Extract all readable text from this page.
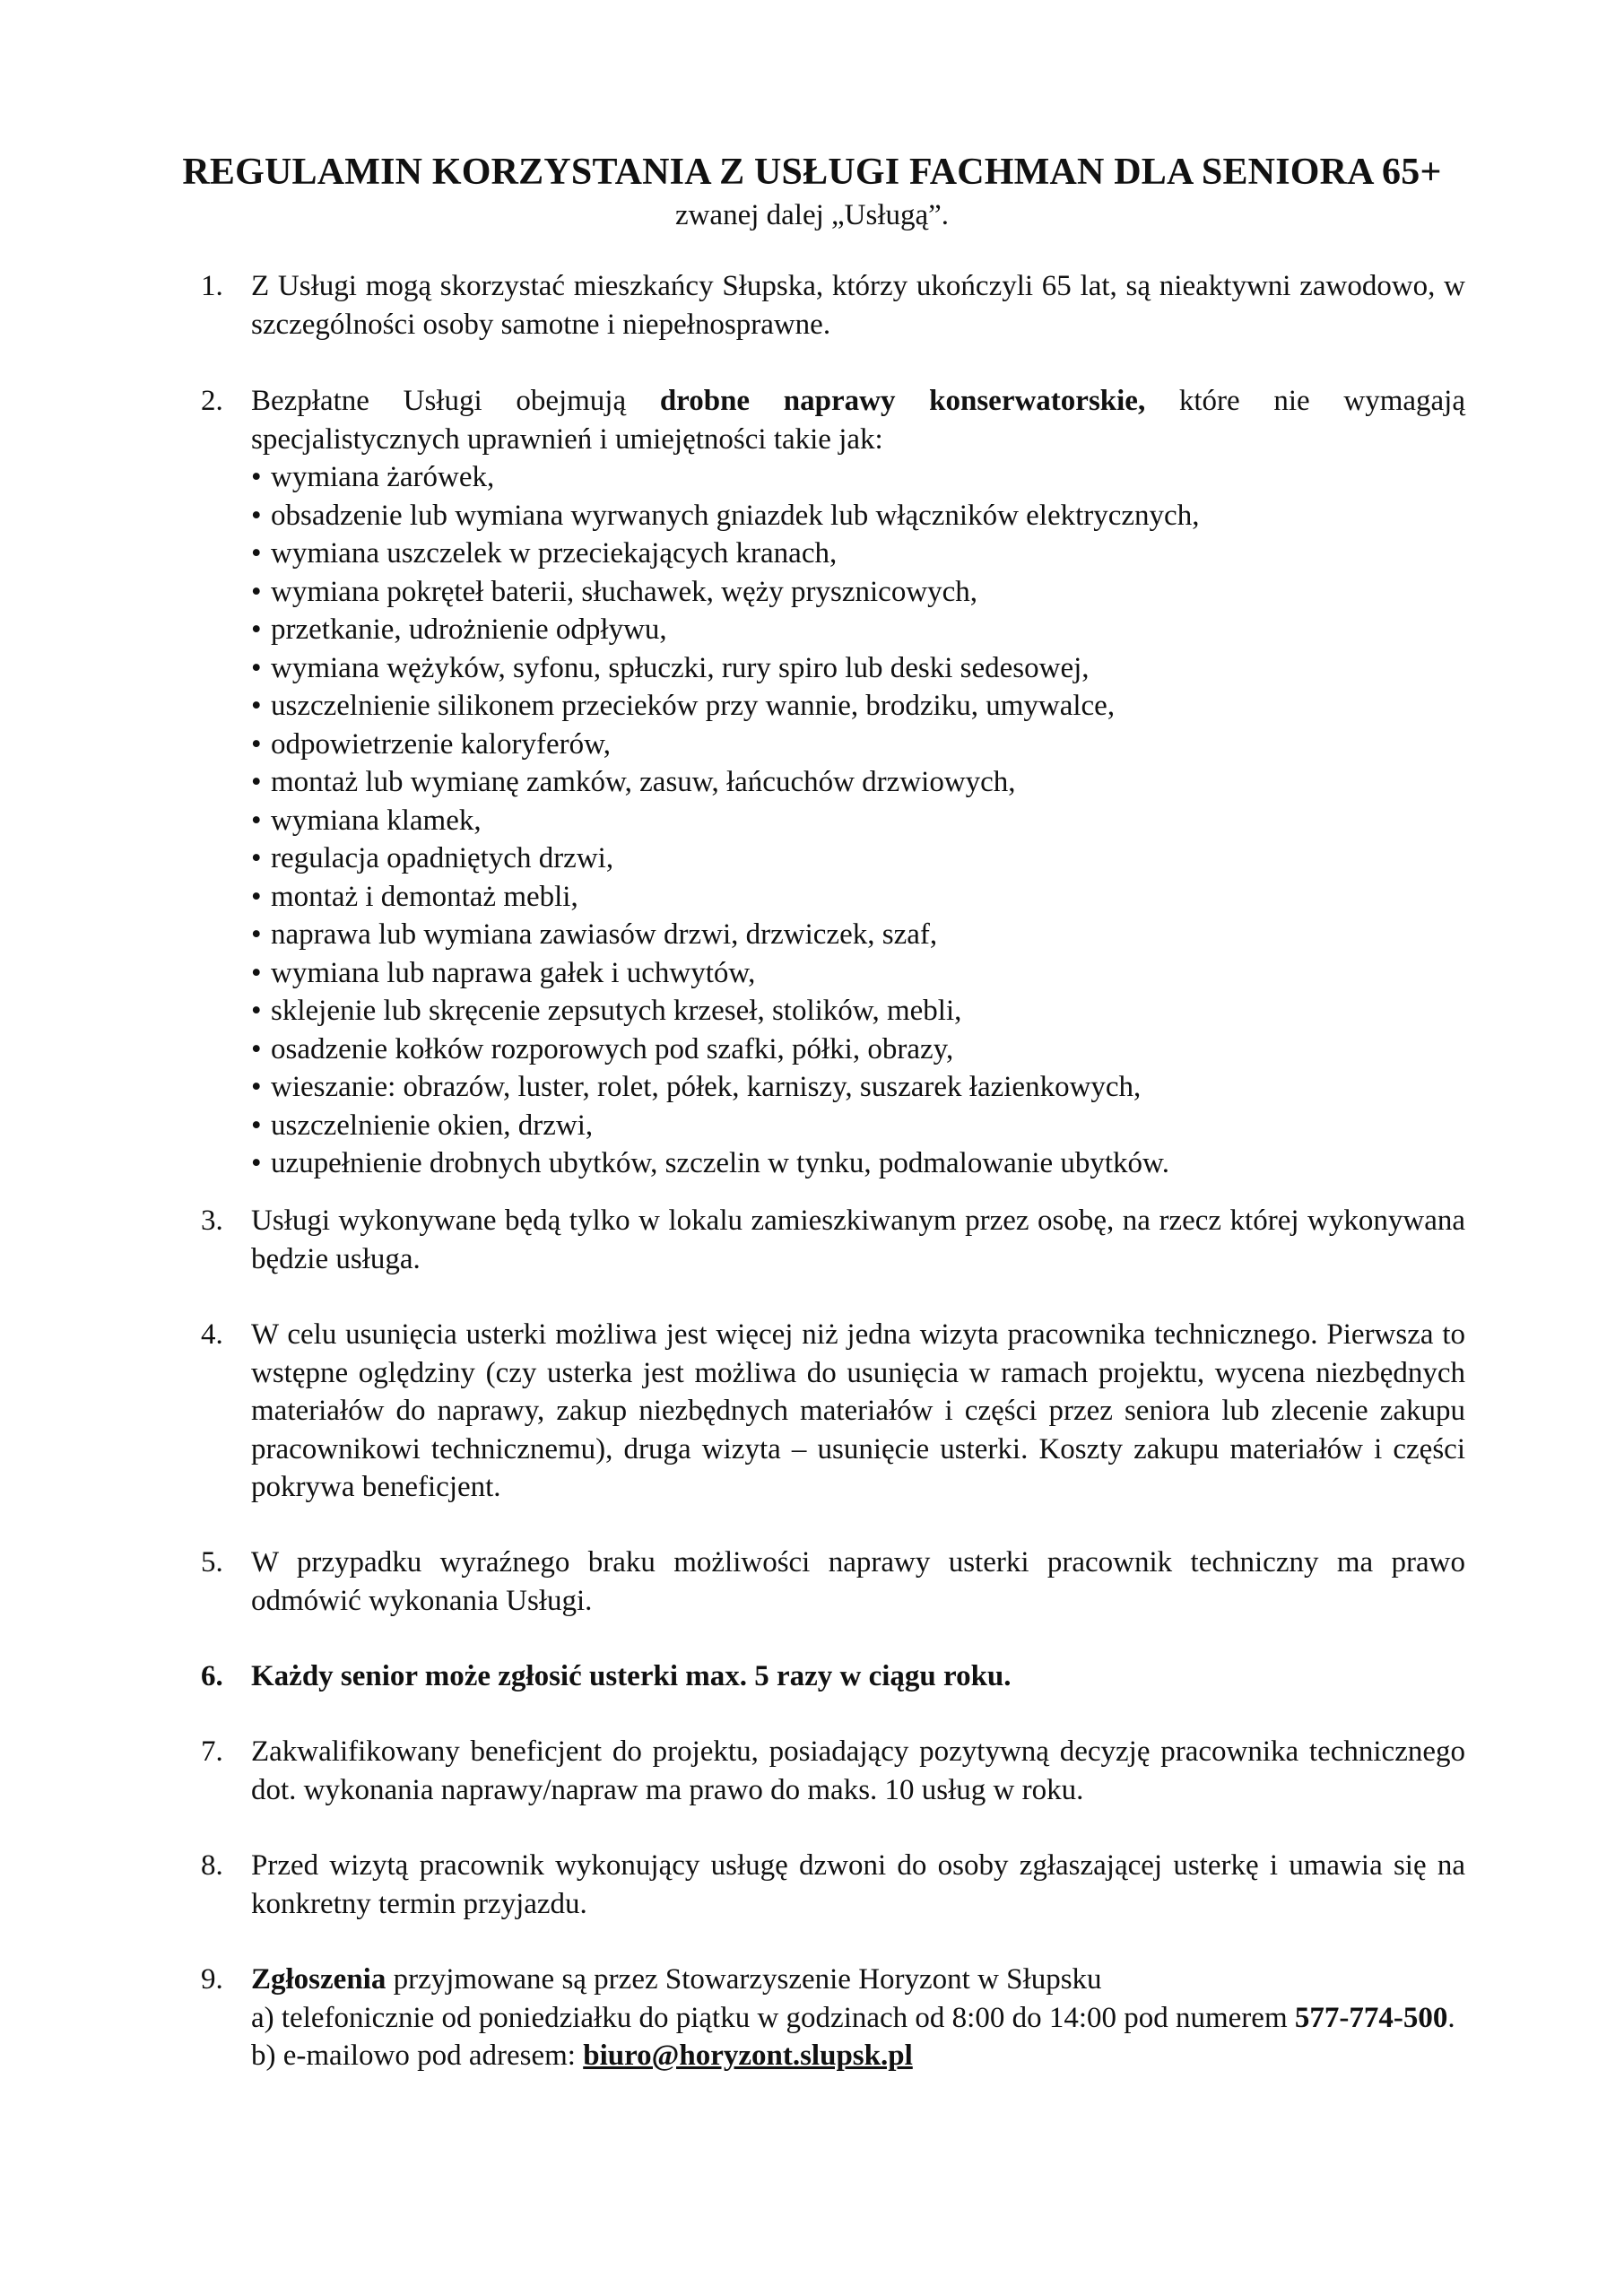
REGULAMIN KORZYSTANIA Z USŁUGI FACHMAN DLA SENIORA 65+
zwanej dalej „Usługą”.
1. Z Usługi mogą skorzystać mieszkańcy Słupska, którzy ukończyli 65 lat, są nieaktywni zawodowo, w szczególności osoby samotne i niepełnosprawne.
2. Bezpłatne Usługi obejmują drobne naprawy konserwatorskie, które nie wymagają specjalistycznych uprawnień i umiejętności takie jak:
• wymiana żarówek,
• obsadzenie lub wymiana wyrwanych gniazdek lub włączników elektrycznych,
• wymiana uszczelek w przeciekających kranach,
• wymiana pokręteł baterii, słuchawek, węży prysznicowych,
• przetkanie, udrożnienie odpływu,
• wymiana wężyków, syfonu, spłuczki, rury spiro lub deski sedesowej,
• uszczelnienie silikonem przecieków przy wannie, brodziku, umywalce,
• odpowietrzenie kaloryferów,
• montaż lub wymianę zamków, zasuw, łańcuchów drzwiowych,
• wymiana klamek,
• regulacja opadniętych drzwi,
• montaż i demontaż mebli,
• naprawa lub wymiana zawiasów drzwi, drzwiczek, szaf,
• wymiana lub naprawa gałek i uchwytów,
• sklejenie lub skręcenie zepsutych krzeseł, stolików, mebli,
• osadzenie kołków rozporowych pod szafki, półki, obrazy,
• wieszanie: obrazów, luster, rolet, półek, karniszy, suszarek łazienkowych,
• uszczelnienie okien, drzwi,
• uzupełnienie drobnych ubytków, szczelin w tynku, podmalowanie ubytków.
3. Usługi wykonywane będą tylko w lokalu zamieszkiwanym przez osobę, na rzecz której wykonywana będzie usługa.
4. W celu usunięcia usterki możliwa jest więcej niż jedna wizyta pracownika technicznego. Pierwsza to wstępne oględziny (czy usterka jest możliwa do usunięcia w ramach projektu, wycena niezbędnych materiałów do naprawy, zakup niezbędnych materiałów i części przez seniora lub zlecenie zakupu pracownikowi technicznemu), druga wizyta – usunięcie usterki. Koszty zakupu materiałów i części pokrywa beneficjent.
5. W przypadku wyraźnego braku możliwości naprawy usterki pracownik techniczny ma prawo odmówić wykonania Usługi.
6. Każdy senior może zgłosić usterki max. 5 razy w ciągu roku.
7. Zakwalifikowany beneficjent do projektu, posiadający pozytywną decyzję pracownika technicznego dot. wykonania naprawy/napraw ma prawo do maks. 10 usług w roku.
8. Przed wizytą pracownik wykonujący usługę dzwoni do osoby zgłaszającej usterkę i umawia się na konkretny termin przyjazdu.
9. Zgłoszenia przyjmowane są przez Stowarzyszenie Horyzont w Słupsku
a) telefonicznie od poniedziałku do piątku w godzinach od 8:00 do 14:00 pod numerem 577-774-500.
b) e-mailowo pod adresem: biuro@horyzont.slupsk.pl
